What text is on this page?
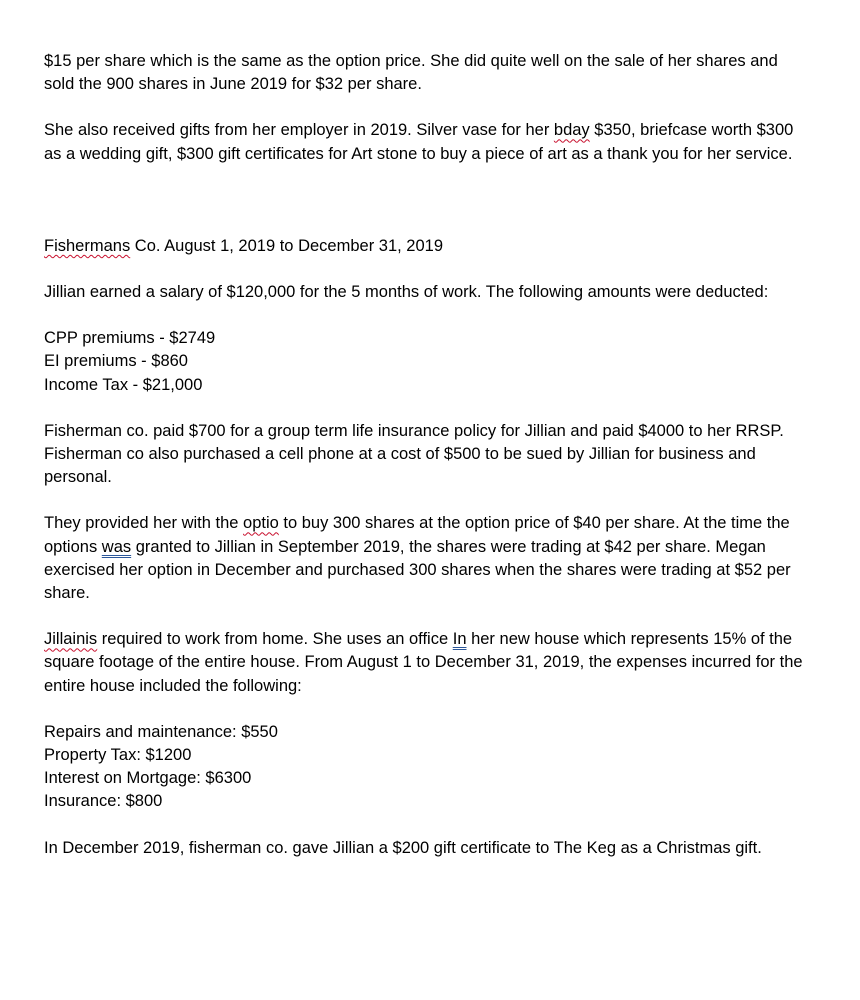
$15 per share which is the same as the option price. She did quite well on the sale of her shares and sold the 900 shares in June 2019 for $32 per share.

She also received gifts from her employer in 2019. Silver vase for her bday $350, briefcase worth $300 as a wedding gift, $300 gift certificates for Art stone to buy a piece of art as a thank you for her service.

Fishermans Co. August 1, 2019 to December 31, 2019

Jillian earned a salary of $120,000 for the 5 months of work. The following amounts were deducted:

CPP premiums - $2749

EI premiums - $860

Income Tax - $21,000

Fisherman co. paid $700 for a group term life insurance policy for Jillian and paid $4000 to her RRSP. Fisherman co also purchased a cell phone at a cost of $500 to be sued by Jillian for business and personal.

They provided her with the optio to buy 300 shares at the option price of $40 per share. At the time the options was granted to Jillian in September 2019, the shares were trading at $42 per share. Megan exercised her option in December and purchased 300 shares when the shares were trading at $52 per share.

Jillainis required to work from home. She uses an office In her new house which represents 15% of the square footage of the entire house. From August 1 to December 31, 2019, the expenses incurred for the entire house included the following:

Repairs and maintenance: $550

Property Tax: $1200

Interest on Mortgage: $6300

Insurance: $800

In December 2019, fisherman co. gave Jillian a $200 gift certificate to The Keg as a Christmas gift.
